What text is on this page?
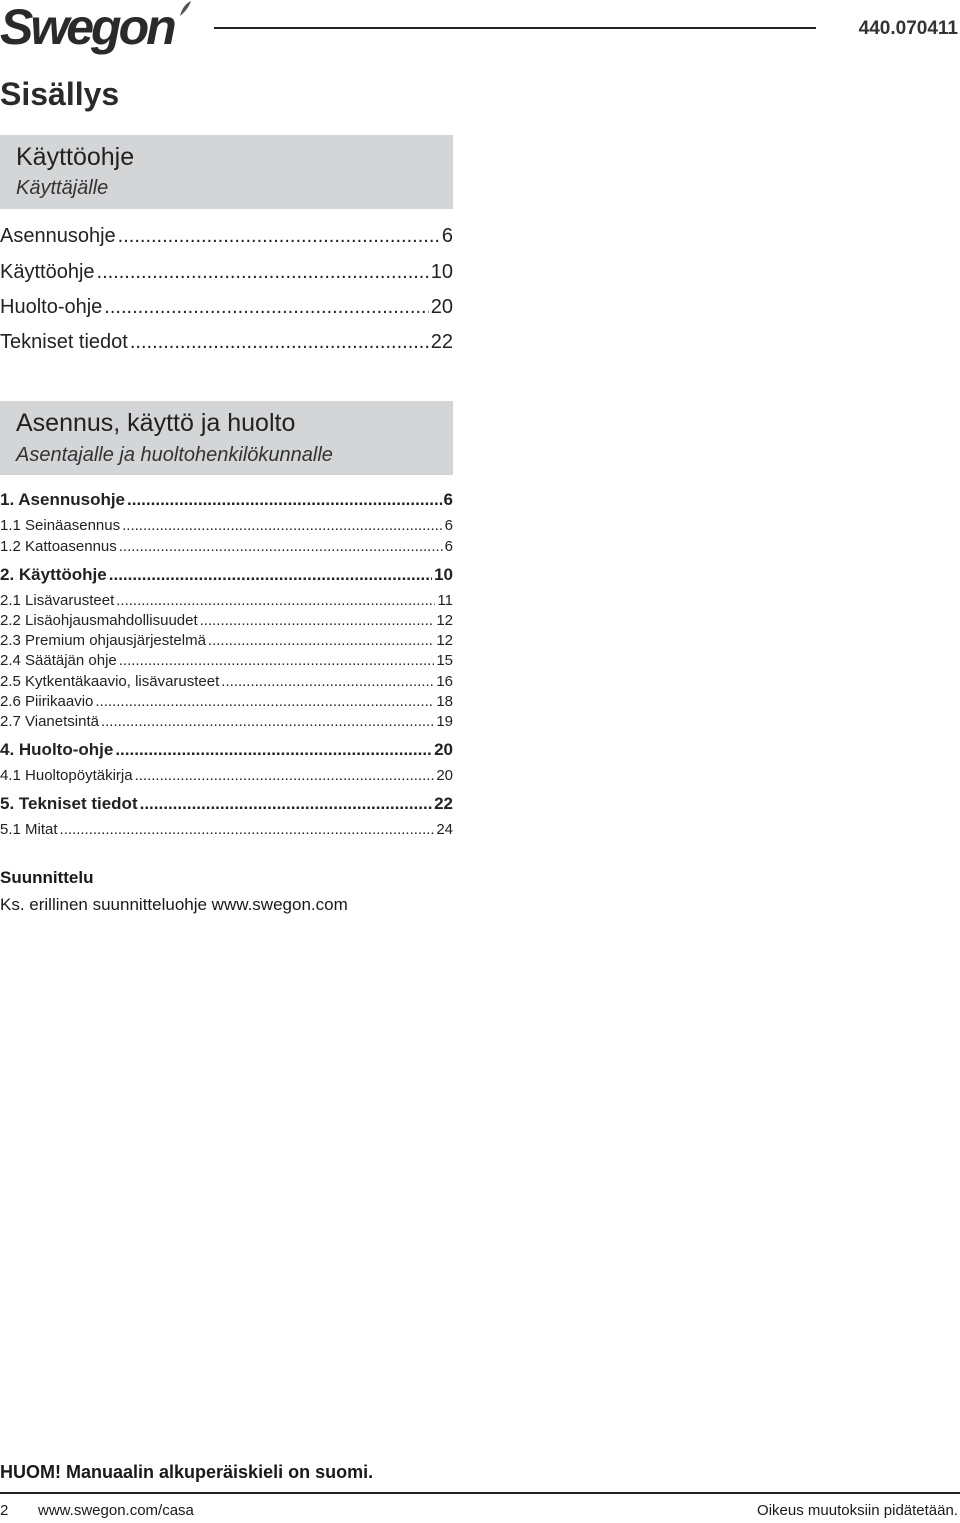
Swegon	440.070411
Sisällys
Käyttöohje
Käyttäjälle
Asennusohje .....	6
Käyttöohje .....	10
Huolto-ohje .....	20
Tekniset tiedot .....	22
Asennus, käyttö ja huolto
Asentajalle ja huoltohenkilökunnalle
1. Asennusohje .....	6
1.1 Seinäasennus .....	6
1.2 Kattoasennus .....	6
2. Käyttöohje .....	10
2.1 Lisävarusteet .....	11
2.2 Lisäohjausmahdollisuudet .....	12
2.3 Premium ohjausjärjestelmä .....	12
2.4 Säätäjän ohje .....	15
2.5 Kytkentäkaavio, lisävarusteet .....	16
2.6 Piirikaavio .....	18
2.7 Vianetsintä .....	19
4. Huolto-ohje .....	20
4.1 Huoltopöytäkirja .....	20
5. Tekniset tiedot .....	22
5.1 Mitat .....	24
Suunnittelu
Ks. erillinen suunnitteluohje www.swegon.com
HUOM! Manuaalin alkuperäiskieli on suomi.
2 www.swegon.com/casa	Oikeus muutoksiin pidätetään.
